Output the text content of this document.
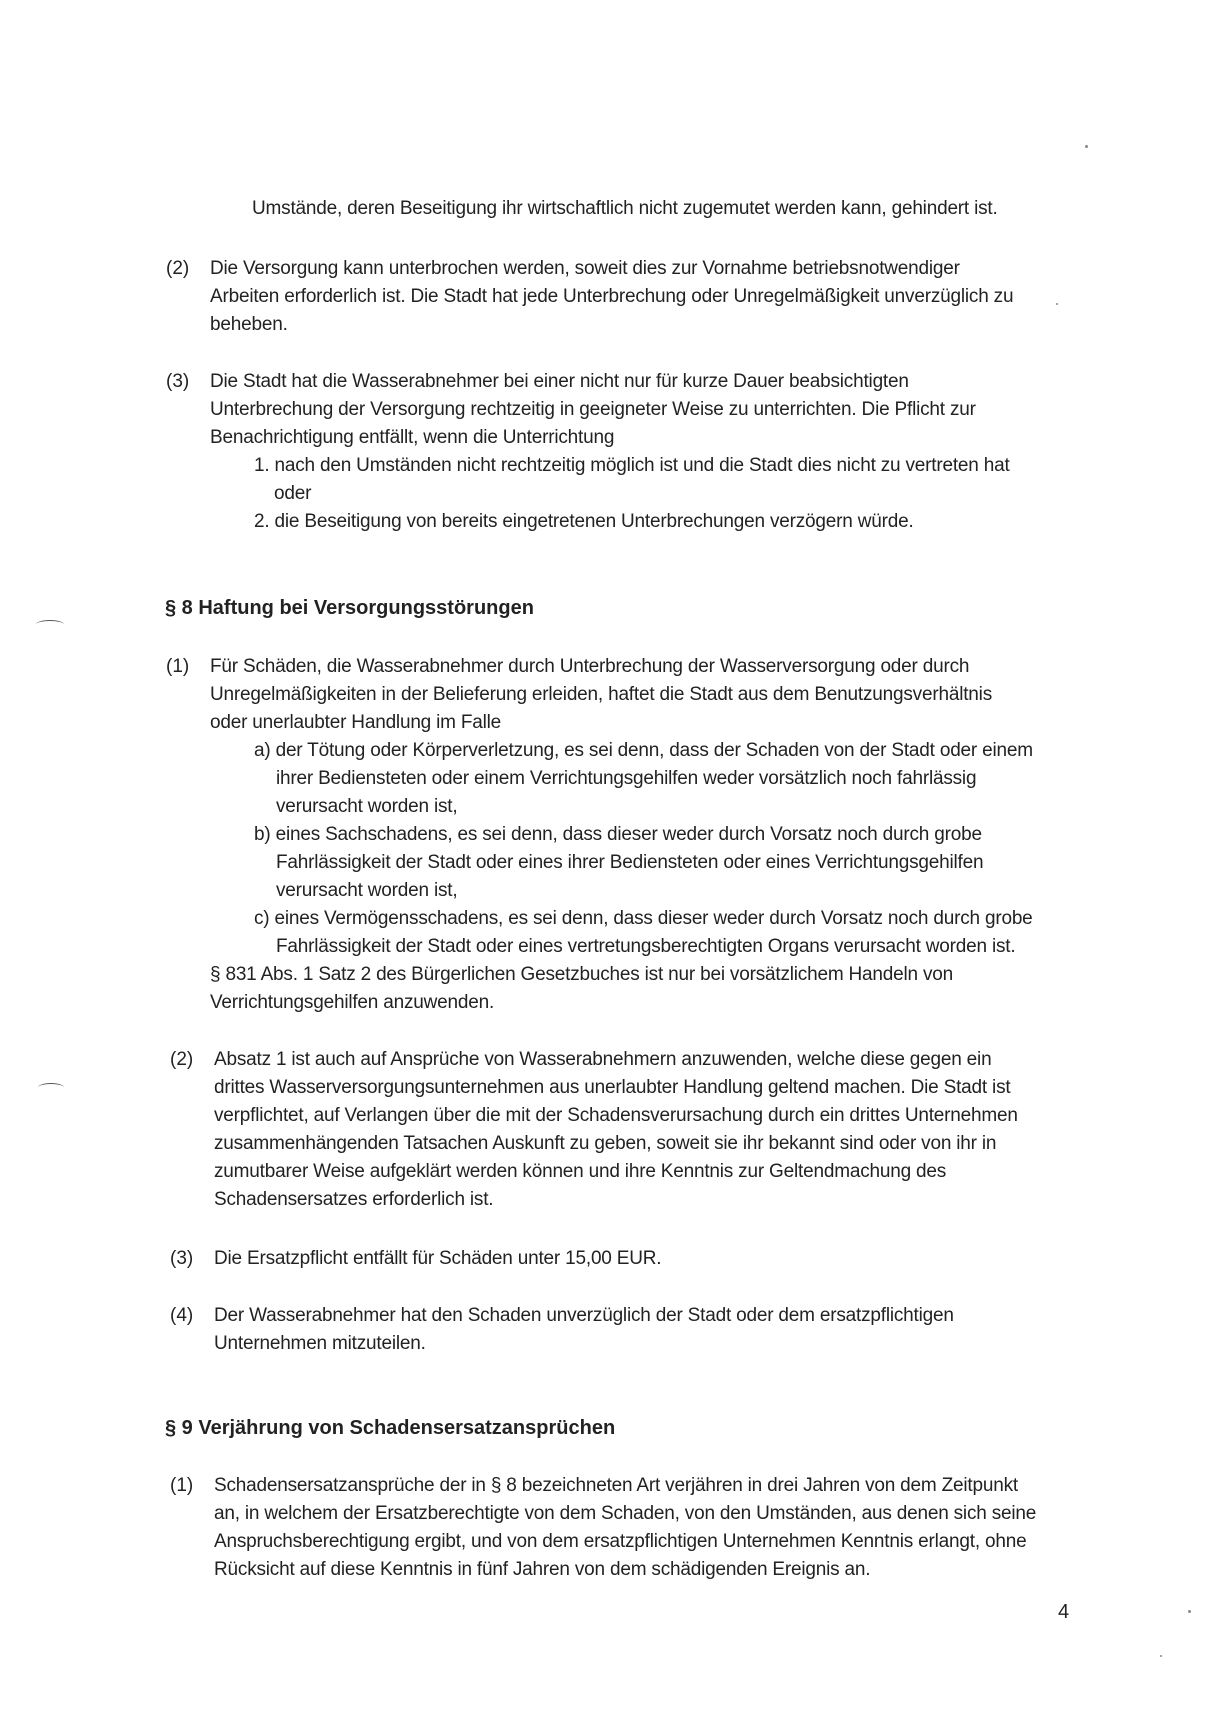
Umstände, deren Beseitigung ihr wirtschaftlich nicht zugemutet werden kann, gehindert ist.
(2) Die Versorgung kann unterbrochen werden, soweit dies zur Vornahme betriebsnotwendiger
Arbeiten erforderlich ist. Die Stadt hat jede Unterbrechung oder Unregelmäßigkeit unverzüglich zu
beheben.
(3) Die Stadt hat die Wasserabnehmer bei einer nicht nur für kurze Dauer beabsichtigten
Unterbrechung der Versorgung rechtzeitig in geeigneter Weise zu unterrichten. Die Pflicht zur
Benachrichtigung entfällt, wenn die Unterrichtung
1. nach den Umständen nicht rechtzeitig möglich ist und die Stadt dies nicht zu vertreten hat
oder
2. die Beseitigung von bereits eingetretenen Unterbrechungen verzögern würde.
§ 8 Haftung bei Versorgungsstörungen
(1) Für Schäden, die Wasserabnehmer durch Unterbrechung der Wasserversorgung oder durch
Unregelmäßigkeiten in der Belieferung erleiden, haftet die Stadt aus dem Benutzungsverhältnis
oder unerlaubter Handlung im Falle
a) der Tötung oder Körperverletzung, es sei denn, dass der Schaden von der Stadt oder einem
ihrer Bediensteten oder einem Verrichtungsgehilfen weder vorsätzlich noch fahrlässig
verursacht worden ist,
b) eines Sachschadens, es sei denn, dass dieser weder durch Vorsatz noch durch grobe
Fahrlässigkeit der Stadt oder eines ihrer Bediensteten oder eines Verrichtungsgehilfen
verursacht worden ist,
c) eines Vermögensschadens, es sei denn, dass dieser weder durch Vorsatz noch durch grobe
Fahrlässigkeit der Stadt oder eines vertretungsberechtigten Organs verursacht worden ist.
§ 831 Abs. 1 Satz 2 des Bürgerlichen Gesetzbuches ist nur bei vorsätzlichem Handeln von
Verrichtungsgehilfen anzuwenden.
(2) Absatz 1 ist auch auf Ansprüche von Wasserabnehmern anzuwenden, welche diese gegen ein
drittes Wasserversorgungsunternehmen aus unerlaubter Handlung geltend machen. Die Stadt ist
verpflichtet, auf Verlangen über die mit der Schadensverursachung durch ein drittes Unternehmen
zusammenhängenden Tatsachen Auskunft zu geben, soweit sie ihr bekannt sind oder von ihr in
zumutbarer Weise aufgeklärt werden können und ihre Kenntnis zur Geltendmachung des
Schadensersatzes erforderlich ist.
(3) Die Ersatzpflicht entfällt für Schäden unter 15,00 EUR.
(4) Der Wasserabnehmer hat den Schaden unverzüglich der Stadt oder dem ersatzpflichtigen
Unternehmen mitzuteilen.
§ 9 Verjährung von Schadensersatzansprüchen
(1) Schadensersatzansprüche der in § 8 bezeichneten Art verjähren in drei Jahren von dem Zeitpunkt
an, in welchem der Ersatzberechtigte von dem Schaden, von den Umständen, aus denen sich seine
Anspruchsberechtigung ergibt, und von dem ersatzpflichtigen Unternehmen Kenntnis erlangt, ohne
Rücksicht auf diese Kenntnis in fünf Jahren von dem schädigenden Ereignis an.
4
